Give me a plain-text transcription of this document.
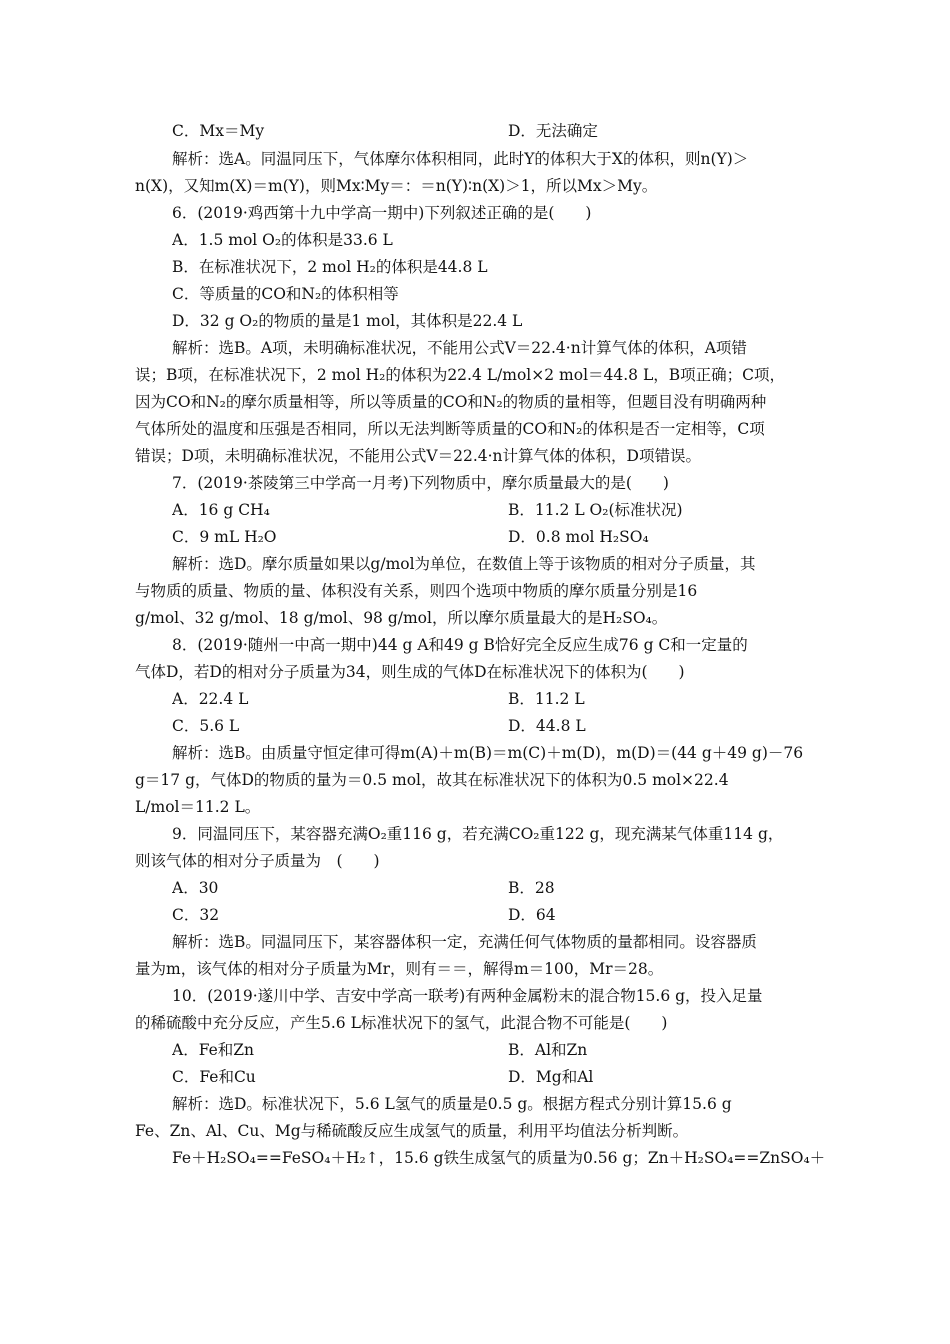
C．Mx＝My	D．无法确定
解析：选A。同温同压下，气体摩尔体积相同，此时Y的体积大于X的体积，则n(Y)＞
n(X)，又知m(X)＝m(Y)，则Mx∶My＝：＝n(Y)∶n(X)＞1，所以Mx＞My。
6．(2019·鸡西第十九中学高一期中)下列叙述正确的是(　　)
A．1.5 mol O₂的体积是33.6 L
B．在标准状况下，2 mol H₂的体积是44.8 L
C．等质量的CO和N₂的体积相等
D．32 g O₂的物质的量是1 mol，其体积是22.4 L
解析：选B。A项，未明确标准状况，不能用公式V＝22.4·n计算气体的体积，A项错
误；B项，在标准状况下，2 mol H₂的体积为22.4 L/mol×2 mol＝44.8 L，B项正确；C项，
因为CO和N₂的摩尔质量相等，所以等质量的CO和N₂的物质的量相等，但题目没有明确两种
气体所处的温度和压强是否相同，所以无法判断等质量的CO和N₂的体积是否一定相等，C项
错误；D项，未明确标准状况，不能用公式V＝22.4·n计算气体的体积，D项错误。
7．(2019·茶陵第三中学高一月考)下列物质中，摩尔质量最大的是(　　)
A．16 g CH₄	B．11.2 L O₂(标准状况)
C．9 mL H₂O	D．0.8 mol H₂SO₄
解析：选D。摩尔质量如果以g/mol为单位，在数值上等于该物质的相对分子质量，其
与物质的质量、物质的量、体积没有关系，则四个选项中物质的摩尔质量分别是16
g/mol、32 g/mol、18 g/mol、98 g/mol，所以摩尔质量最大的是H₂SO₄。
8．(2019·随州一中高一期中)44 g A和49 g B恰好完全反应生成76 g C和一定量的
气体D，若D的相对分子质量为34，则生成的气体D在标准状况下的体积为(　　)
A．22.4 L	B．11.2 L
C．5.6 L	D．44.8 L
解析：选B。由质量守恒定律可得m(A)＋m(B)＝m(C)＋m(D)，m(D)＝(44 g＋49 g)－76
g＝17 g，气体D的物质的量为＝0.5 mol，故其在标准状况下的体积为0.5 mol×22.4
L/mol＝11.2 L。
9．同温同压下，某容器充满O₂重116 g，若充满CO₂重122 g，现充满某气体重114 g，
则该气体的相对分子质量为　(　　)
A．30	B．28
C．32	D．64
解析：选B。同温同压下，某容器体积一定，充满任何气体物质的量都相同。设容器质
量为m，该气体的相对分子质量为Mr，则有＝＝，解得m＝100，Mr＝28。
10．(2019·遂川中学、吉安中学高一联考)有两种金属粉末的混合物15.6 g，投入足量
的稀硫酸中充分反应，产生5.6 L标准状况下的氢气，此混合物不可能是(　　)
A．Fe和Zn	B．Al和Zn
C．Fe和Cu	D．Mg和Al
解析：选D。标准状况下，5.6 L氢气的质量是0.5 g。根据方程式分别计算15.6 g
Fe、Zn、Al、Cu、Mg与稀硫酸反应生成氢气的质量，利用平均值法分析判断。
Fe＋H₂SO₄==FeSO₄＋H₂↑，15.6 g铁生成氢气的质量为0.56 g；Zn＋H₂SO₄==ZnSO₄＋
